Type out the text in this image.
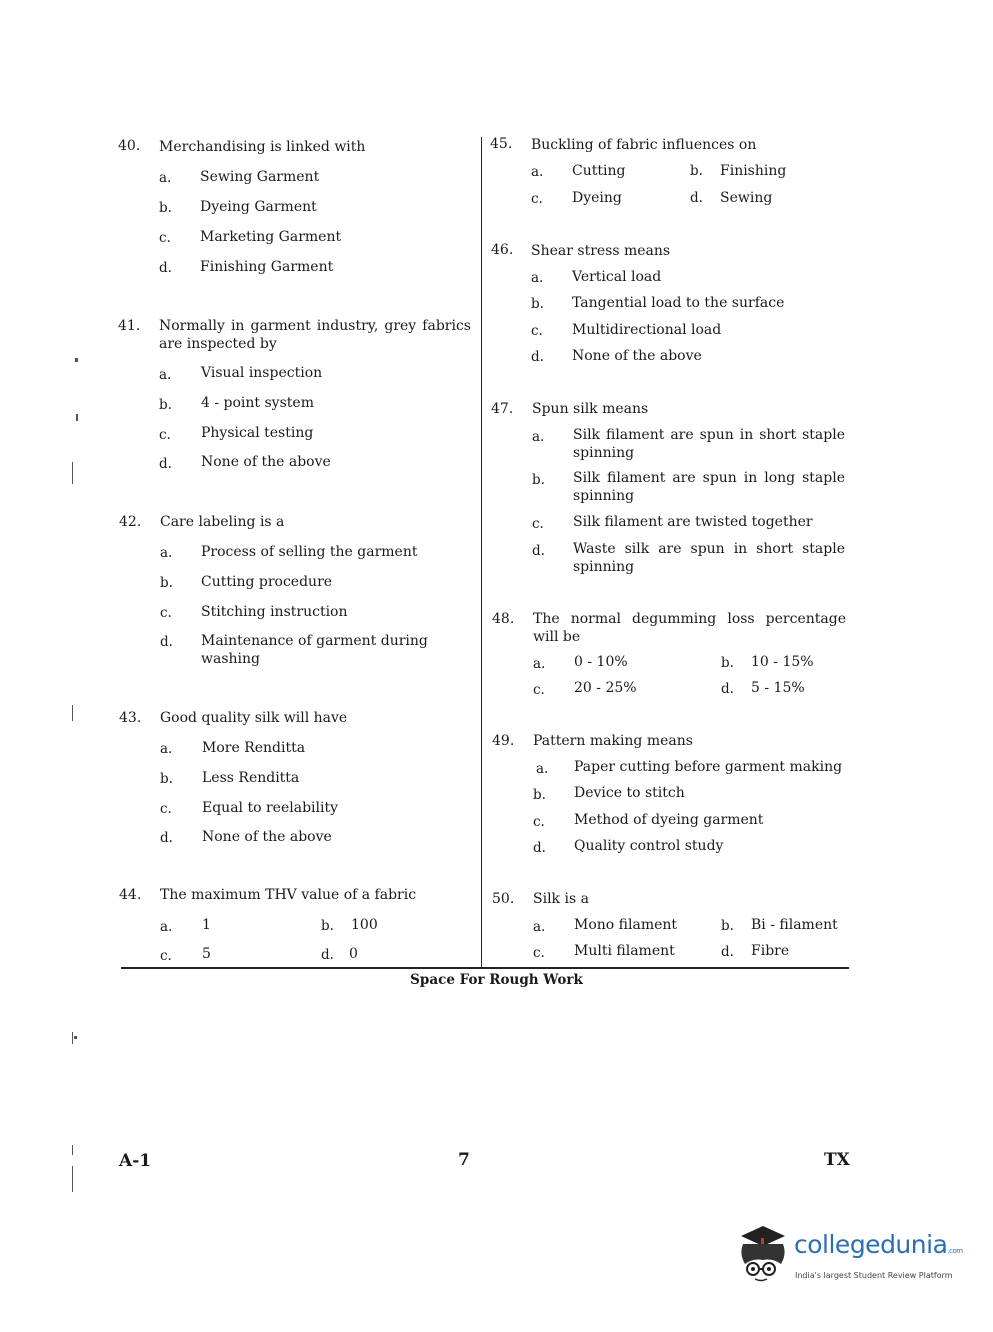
40. Merchandising is linked with
a. Sewing Garment
b. Dyeing Garment
c. Marketing Garment
d. Finishing Garment
41. Normally in garment industry, grey fabrics are inspected by
a. Visual inspection
b. 4 - point system
c. Physical testing
d. None of the above
42. Care labeling is a
a. Process of selling the garment
b. Cutting procedure
c. Stitching instruction
d. Maintenance of garment during washing
43. Good quality silk will have
a. More Renditta
b. Less Renditta
c. Equal to reelability
d. None of the above
44. The maximum THV value of a fabric
a. 1	b. 100
c. 5	d. 0
45. Buckling of fabric influences on
a. Cutting	b. Finishing
c. Dyeing	d. Sewing
46. Shear stress means
a. Vertical load
b. Tangential load to the surface
c. Multidirectional load
d. None of the above
47. Spun silk means
a. Silk filament are spun in short staple spinning
b. Silk filament are spun in long staple spinning
c. Silk filament are twisted together
d. Waste silk are spun in short staple spinning
48. The normal degumming loss percentage will be
a. 0 - 10%	b. 10 - 15%
c. 20 - 25%	d. 5 - 15%
49. Pattern making means
a. Paper cutting before garment making
b. Device to stitch
c. Method of dyeing garment
d. Quality control study
50. Silk is a
a. Mono filament	b. Bi - filament
c. Multi filament	d. Fibre
Space For Rough Work
A-1	7	TX
collegedunia.com
India's largest Student Review Platform
